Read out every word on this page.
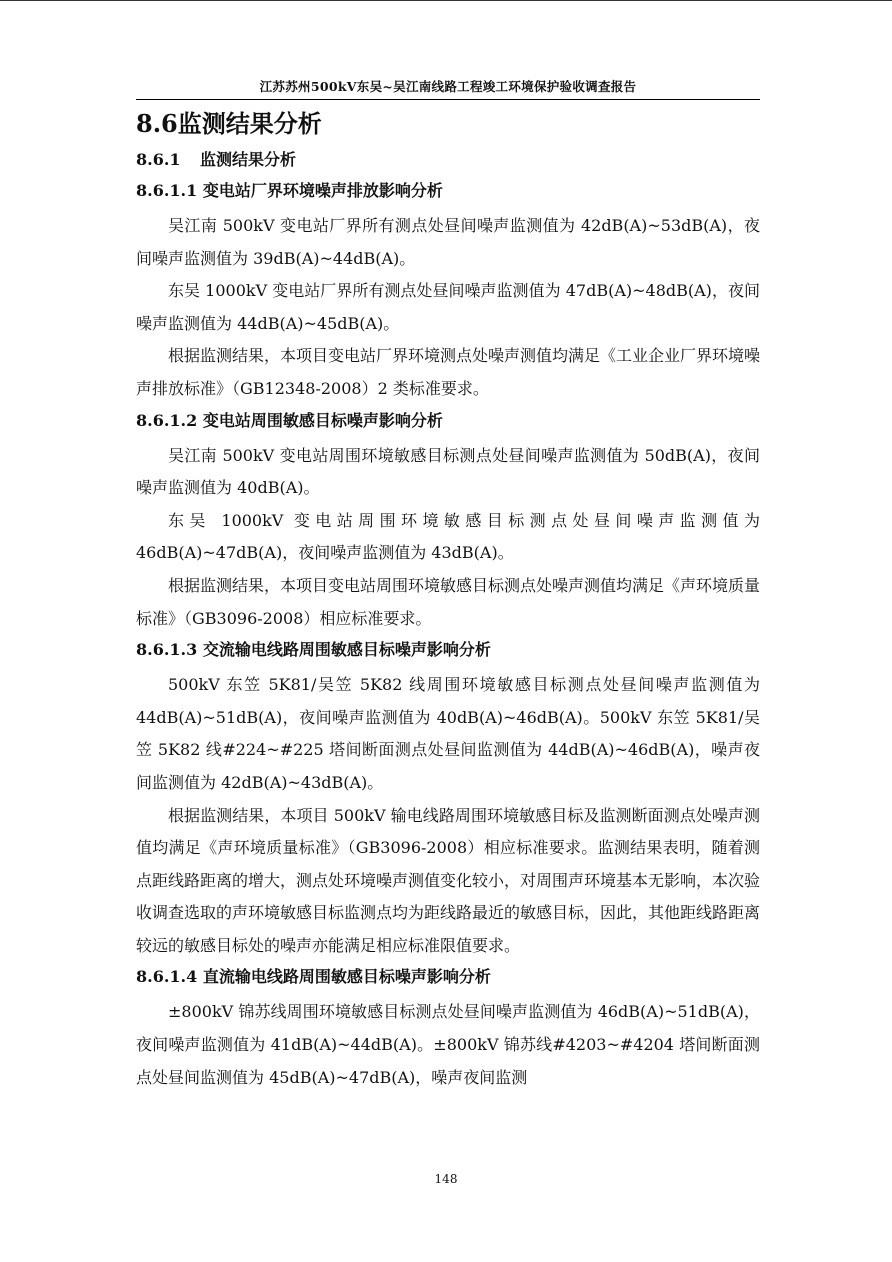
江苏苏州500kV东吴~吴江南线路工程竣工环境保护验收调查报告
8.6监测结果分析
8.6.1 监测结果分析
8.6.1.1 变电站厂界环境噪声排放影响分析

吴江南 500kV 变电站厂界所有测点处昼间噪声监测值为 42dB(A)~53dB(A)，夜间噪声监测值为 39dB(A)~44dB(A)。

东吴 1000kV 变电站厂界所有测点处昼间噪声监测值为 47dB(A)~48dB(A)，夜间噪声监测值为 44dB(A)~45dB(A)。

根据监测结果，本项目变电站厂界环境测点处噪声测值均满足《工业企业厂界环境噪声排放标准》（GB12348-2008）2 类标准要求。

8.6.1.2 变电站周围敏感目标噪声影响分析

吴江南 500kV 变电站周围环境敏感目标测点处昼间噪声监测值为 50dB(A)，夜间噪声监测值为 40dB(A)。

东吴 1000kV 变电站周围环境敏感目标测点处昼间噪声监测值为 46dB(A)~47dB(A)，夜间噪声监测值为 43dB(A)。

根据监测结果，本项目变电站周围环境敏感目标测点处噪声测值均满足《声环境质量标准》（GB3096-2008）相应标准要求。

8.6.1.3 交流输电线路周围敏感目标噪声影响分析

500kV 东笠 5K81/吴笠 5K82 线周围环境敏感目标测点处昼间噪声监测值为 44dB(A)~51dB(A)，夜间噪声监测值为 40dB(A)~46dB(A)。500kV 东笠 5K81/吴笠 5K82 线#224~#225 塔间断面测点处昼间监测值为 44dB(A)~46dB(A)，噪声夜间监测值为 42dB(A)~43dB(A)。

根据监测结果，本项目 500kV 输电线路周围环境敏感目标及监测断面测点处噪声测值均满足《声环境质量标准》（GB3096-2008）相应标准要求。监测结果表明，随着测点距线路距离的增大，测点处环境噪声测值变化较小，对周围声环境基本无影响，本次验收调查选取的声环境敏感目标监测点均为距线路最近的敏感目标，因此，其他距线路距离较远的敏感目标处的噪声亦能满足相应标准限值要求。

8.6.1.4 直流输电线路周围敏感目标噪声影响分析

±800kV 锦苏线周围环境敏感目标测点处昼间噪声监测值为 46dB(A)~51dB(A)，夜间噪声监测值为 41dB(A)~44dB(A)。±800kV 锦苏线#4203~#4204 塔间断面测点处昼间监测值为 45dB(A)~47dB(A)，噪声夜间监测

148
